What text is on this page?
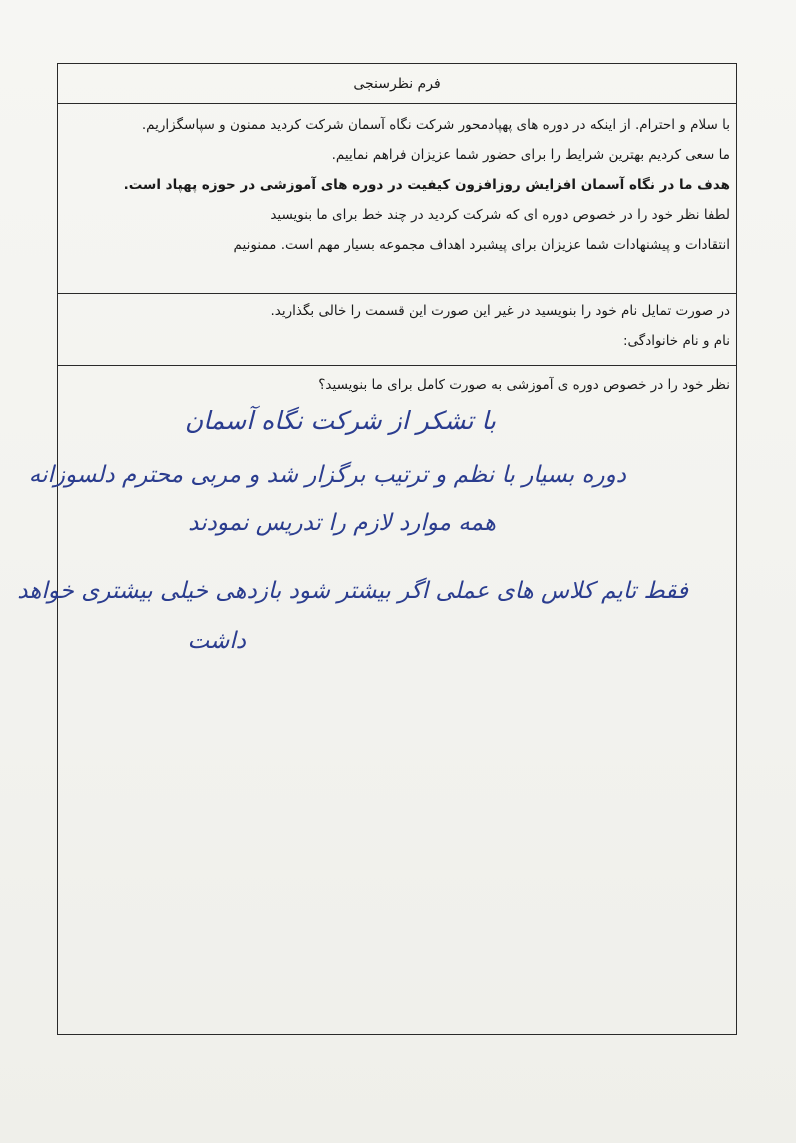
فرم نظرسنجی
با سلام و احترام. از اینکه در دوره های پهپادمحور شرکت نگاه آسمان شرکت کردید ممنون و سپاسگزاریم.
ما سعی کردیم بهترین شرایط را برای حضور شما عزیزان فراهم نماییم.
هدف ما در نگاه آسمان افزایش روزافزون کیفیت در دوره های آموزشی در حوزه پهپاد است.
لطفا نظر خود را در خصوص دوره ای که شرکت کردید در چند خط برای ما بنویسید
انتقادات و پیشنهادات شما عزیزان برای پیشبرد اهداف مجموعه بسیار مهم است. ممنونیم
در صورت تمایل نام خود را بنویسید در غیر این صورت این قسمت را خالی بگذارید.
نام و نام خانوادگی:
نظر خود را در خصوص دوره ی آموزشی به صورت کامل برای ما بنویسید؟
با تشکر از شرکت نگاه آسمان
دوره بسیار با نظم و ترتیب برگزار شد و مربی محترم دلسوزانه
همه موارد لازم را تدریس نمودند
فقط تایم کلاس های عملی اگر بیشتر شود بازدهی خیلی بیشتری خواهد
داشت
